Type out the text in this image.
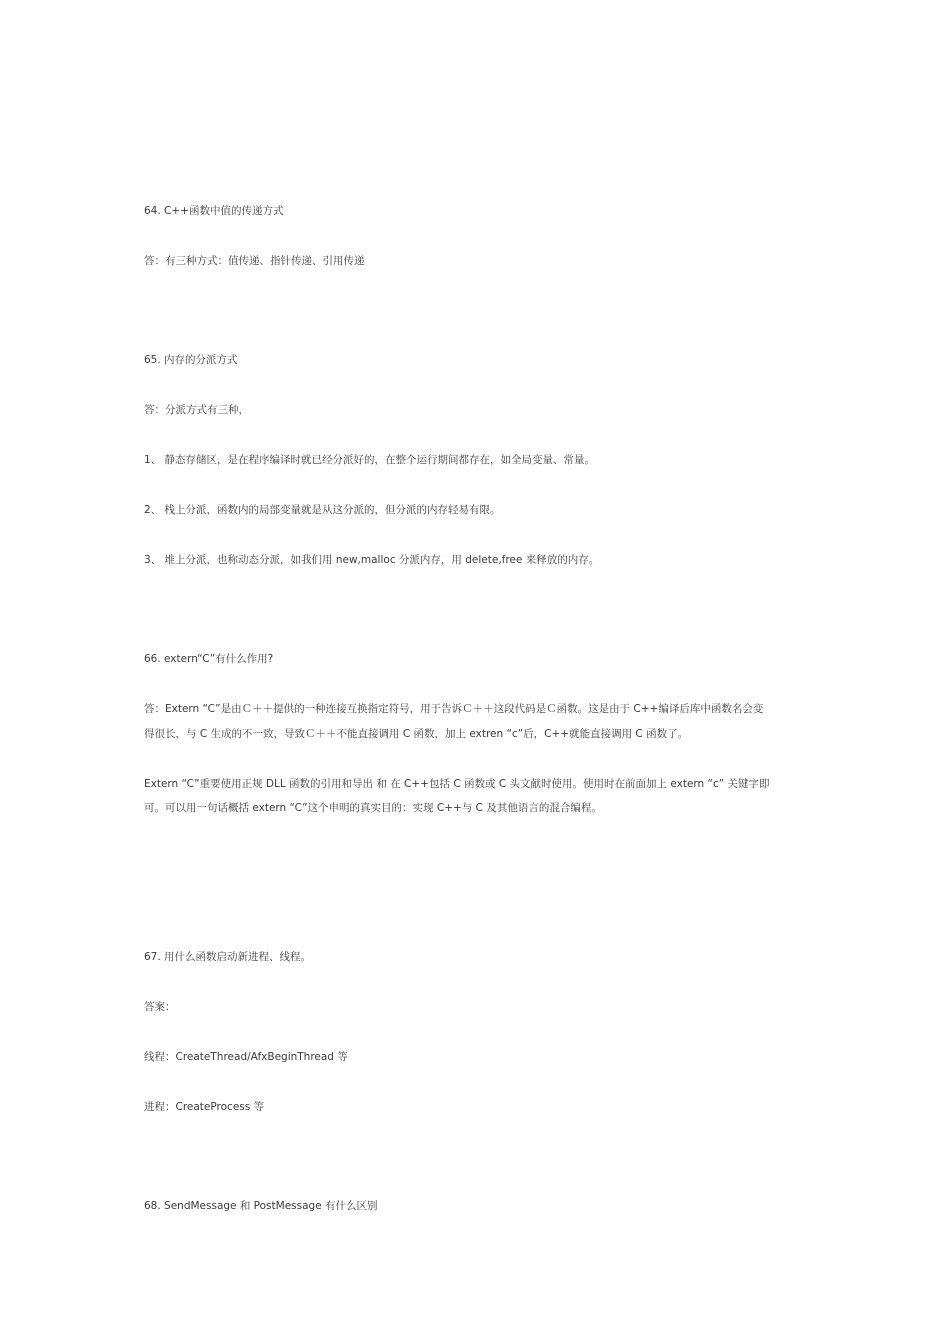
64. C++函数中值的传递方式

答：有三种方式：值传递、指针传递、引用传递

65. 内存的分派方式

答：分派方式有三种，

1、 静态存储区，是在程序编译时就已经分派好的，在整个运行期间都存在，如全局变量、常量。

2、 栈上分派，函数内的局部变量就是从这分派的，但分派的内存轻易有限。

3、 堆上分派，也称动态分派，如我们用 new,malloc 分派内存，用 delete,free 来释放的内存。

66. extern“C”有什么作用?

答：Extern “C”是由Ｃ＋＋提供的一种连接互换指定符号，用于告诉Ｃ＋＋这段代码是Ｃ函数。这是由于 C++编译后库中函数名会变

得很长，与 C 生成的不一致，导致Ｃ＋＋不能直接调用 C 函数，加上 extren “c”后，C++就能直接调用 C 函数了。

Extern “C”重要使用正规 DLL 函数的引用和导出 和 在 C++包括 C 函数或 C 头文献时使用。使用时在前面加上 extern “c” 关键字即

可。可以用一句话概括 extern “C”这个申明的真实目的：实现 C++与 C 及其他语言的混合编程。

67. 用什么函数启动新进程、线程。

答案：

线程：CreateThread/AfxBeginThread 等

进程：CreateProcess 等

68. SendMessage 和 PostMessage 有什么区别
